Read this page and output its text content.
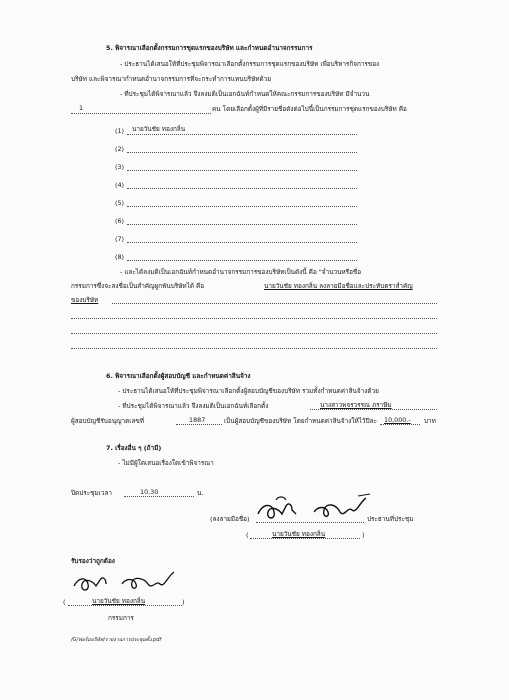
5. พิจารณาเลือกตั้งกรรมการชุดแรกของบริษัท และกำหนดอำนาจกรรมการ
- ประธานได้เสนอให้ที่ประชุมพิจารณาเลือกตั้งกรรมการชุดแรกของบริษัท เพื่อบริหารกิจการของ
บริษัท และพิจารณากำหนดอำนาจกรรมการที่จะกระทำการแทนบริษัทด้วย
- ที่ประชุมได้พิจารณาแล้ว จึงลงมติเป็นเอกฉันท์กำหนดให้คณะกรรมการของบริษัท มีจำนวน
1	คน โดยเลือกตั้งผู้ที่มีรายชื่อดังต่อไปนี้เป็นกรรมการชุดแรกของบริษัท คือ
(1) นายวันชัย ทองกลิ่น
(2)
(3)
(4)
(5)
(6)
(7)
(8)
- และได้ลงมติเป็นเอกฉันท์กำหนดอำนาจกรรมการของบริษัทเป็นดังนี้ คือ "จำนวนหรือชื่อ
กรรมการซึ่งจะลงชื่อเป็นสำคัญผูกพันบริษัทได้ คือ	นายวันชัย ทองกลิ่น ลงลายมือชื่อและประทับตราสำคัญ
ของบริษัท
6. พิจารณาเลือกตั้งผู้สอบบัญชี และกำหนดค่าสินจ้าง
- ประธานได้เสนอให้ที่ประชุมพิจารณาเลือกตั้งผู้สอบบัญชีของบริษัท รวมทั้งกำหนดค่าสินจ้างด้วย
- ที่ประชุมได้พิจารณาแล้ว จึงลงมติเป็นเอกฉันท์เลือกตั้ง	นางสาวพจรวรรณ ภราษีม
ผู้สอบบัญชีรับอนุญาตเลขที่	1887	เป็นผู้สอบบัญชีของบริษัท โดยกำหนดค่าสินจ้างให้ไว้ปีละ 10,000.- บาท
7. เรื่องอื่น ๆ (ถ้ามี)
- ไม่มีผู้ใดเสนอเรื่องใดเข้าพิจารณา
ปิดประชุมเวลา	10.30	น.
(ลงลายมือชื่อ)	ประธานที่ประชุม
(	นายวันชัย ทองกลิ่น	)
รับรองว่าถูกต้อง
(	นายวันชัย ทองกลิ่น	)
กรรมการ
/G/ฟอร์มบริษัท/รายงานการประชุมตั้ง.pdf
